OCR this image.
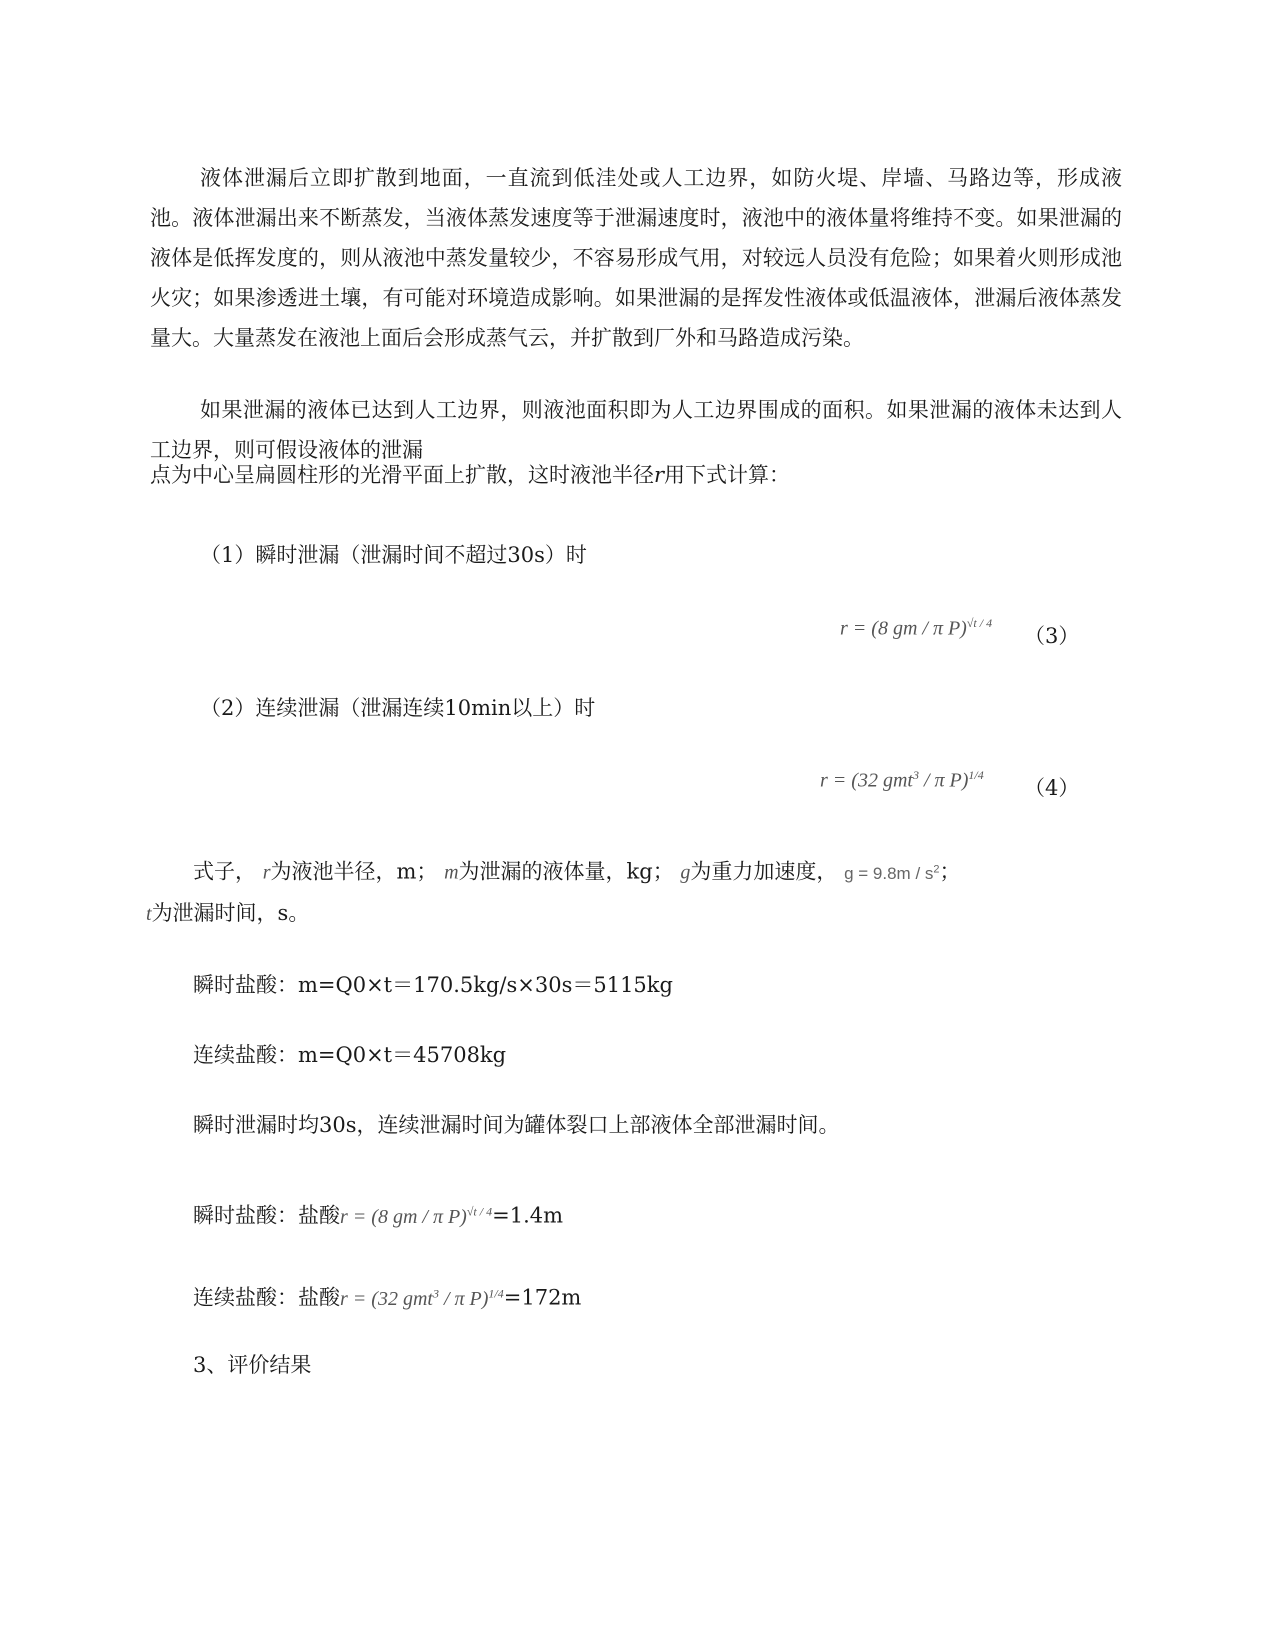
液体泄漏后立即扩散到地面，一直流到低洼处或人工边界，如防火堤、岸墙、马路边等，形成液池。液体泄漏出来不断蒸发，当液体蒸发速度等于泄漏速度时，液池中的液体量将维持不变。如果泄漏的液体是低挥发度的，则从液池中蒸发量较少，不容易形成气用，对较远人员没有危险；如果着火则形成池火灾；如果渗透进土壤，有可能对环境造成影响。如果泄漏的是挥发性液体或低温液体，泄漏后液体蒸发量大。大量蒸发在液池上面后会形成蒸气云，并扩散到厂外和马路造成污染。
如果泄漏的液体已达到人工边界，则液池面积即为人工边界围成的面积。如果泄漏的液体未达到人工边界，则可假设液体的泄漏
点为中心呈扁圆柱形的光滑平面上扩散，这时液池半径r用下式计算：
（1）瞬时泄漏（泄漏时间不超过30s）时
r = (8 gm / π P)$^{√t / 4}$
（3）
（2）连续泄漏（泄漏连续10min以上）时
r = (32 gmt$^3$ / π P)$^{1/4}$
（4）
式子， r为液池半径，m； m为泄漏的液体量，kg； g为重力加速度， $g = 9.8m / s^2$；
t为泄漏时间，s。
瞬时盐酸：m=Q0×t＝170.5kg/s×30s＝5115kg
连续盐酸：m=Q0×t＝45708kg
瞬时泄漏时均30s，连续泄漏时间为罐体裂口上部液体全部泄漏时间。
瞬时盐酸：盐酸r = (8 gm / π P)$^{√t / 4}$=1.4m
连续盐酸：盐酸r = (32 gmt$^3$ / π P)$^{1/4}$=172m
3、评价结果
